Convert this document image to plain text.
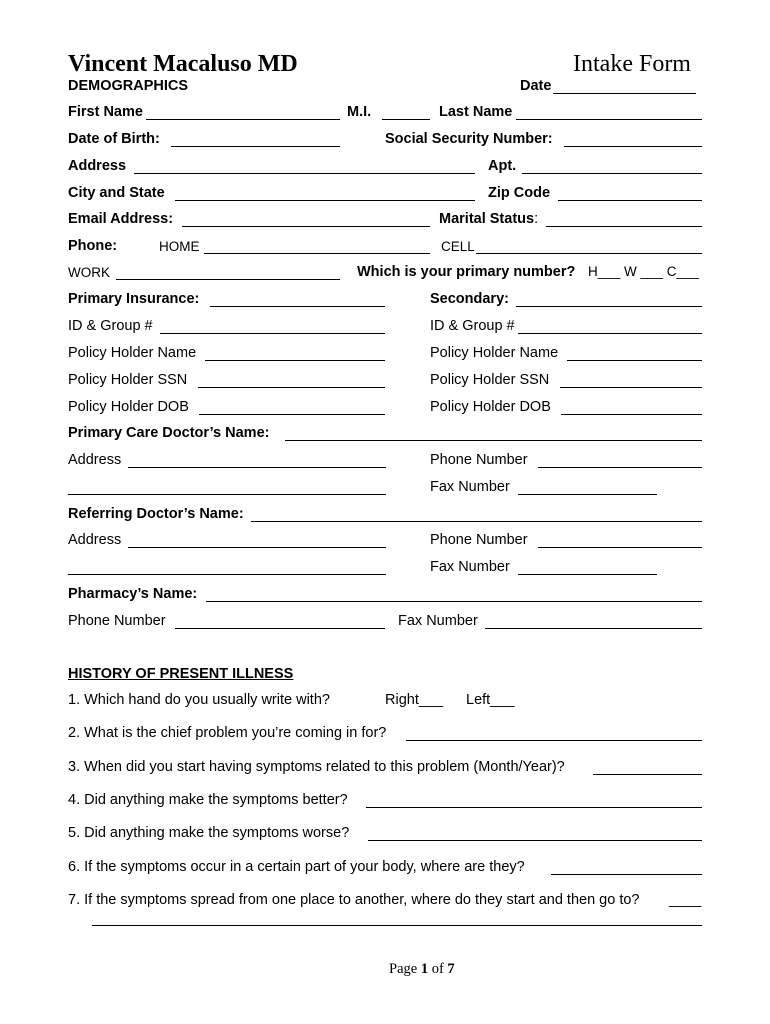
Vincent Macaluso MD	Intake Form
DEMOGRAPHICS	Date
First Name	M.I.	Last Name
Date of Birth:	Social Security Number:
Address	Apt.
City and State	Zip Code
Email Address:	Marital Status:
Phone:	HOME	CELL
WORK	Which is your primary number? H___ W ___ C___
Primary Insurance:	Secondary:
ID & Group #	ID & Group #
Policy Holder Name	Policy Holder Name
Policy Holder SSN	Policy Holder SSN
Policy Holder DOB	Policy Holder DOB
Primary Care Doctor’s Name:
Address	Phone Number
Fax Number
Referring Doctor’s Name:
Address	Phone Number
Fax Number
Pharmacy’s Name:
Phone Number	Fax Number
HISTORY OF PRESENT ILLNESS
1. Which hand do you usually write with?	Right___ Left___
2. What is the chief problem you’re coming in for?
3. When did you start having symptoms related to this problem (Month/Year)?
4. Did anything make the symptoms better?
5. Did anything make the symptoms worse?
6. If the symptoms occur in a certain part of your body, where are they?
7. If the symptoms spread from one place to another, where do they start and then go to? ____
Page 1 of 7
